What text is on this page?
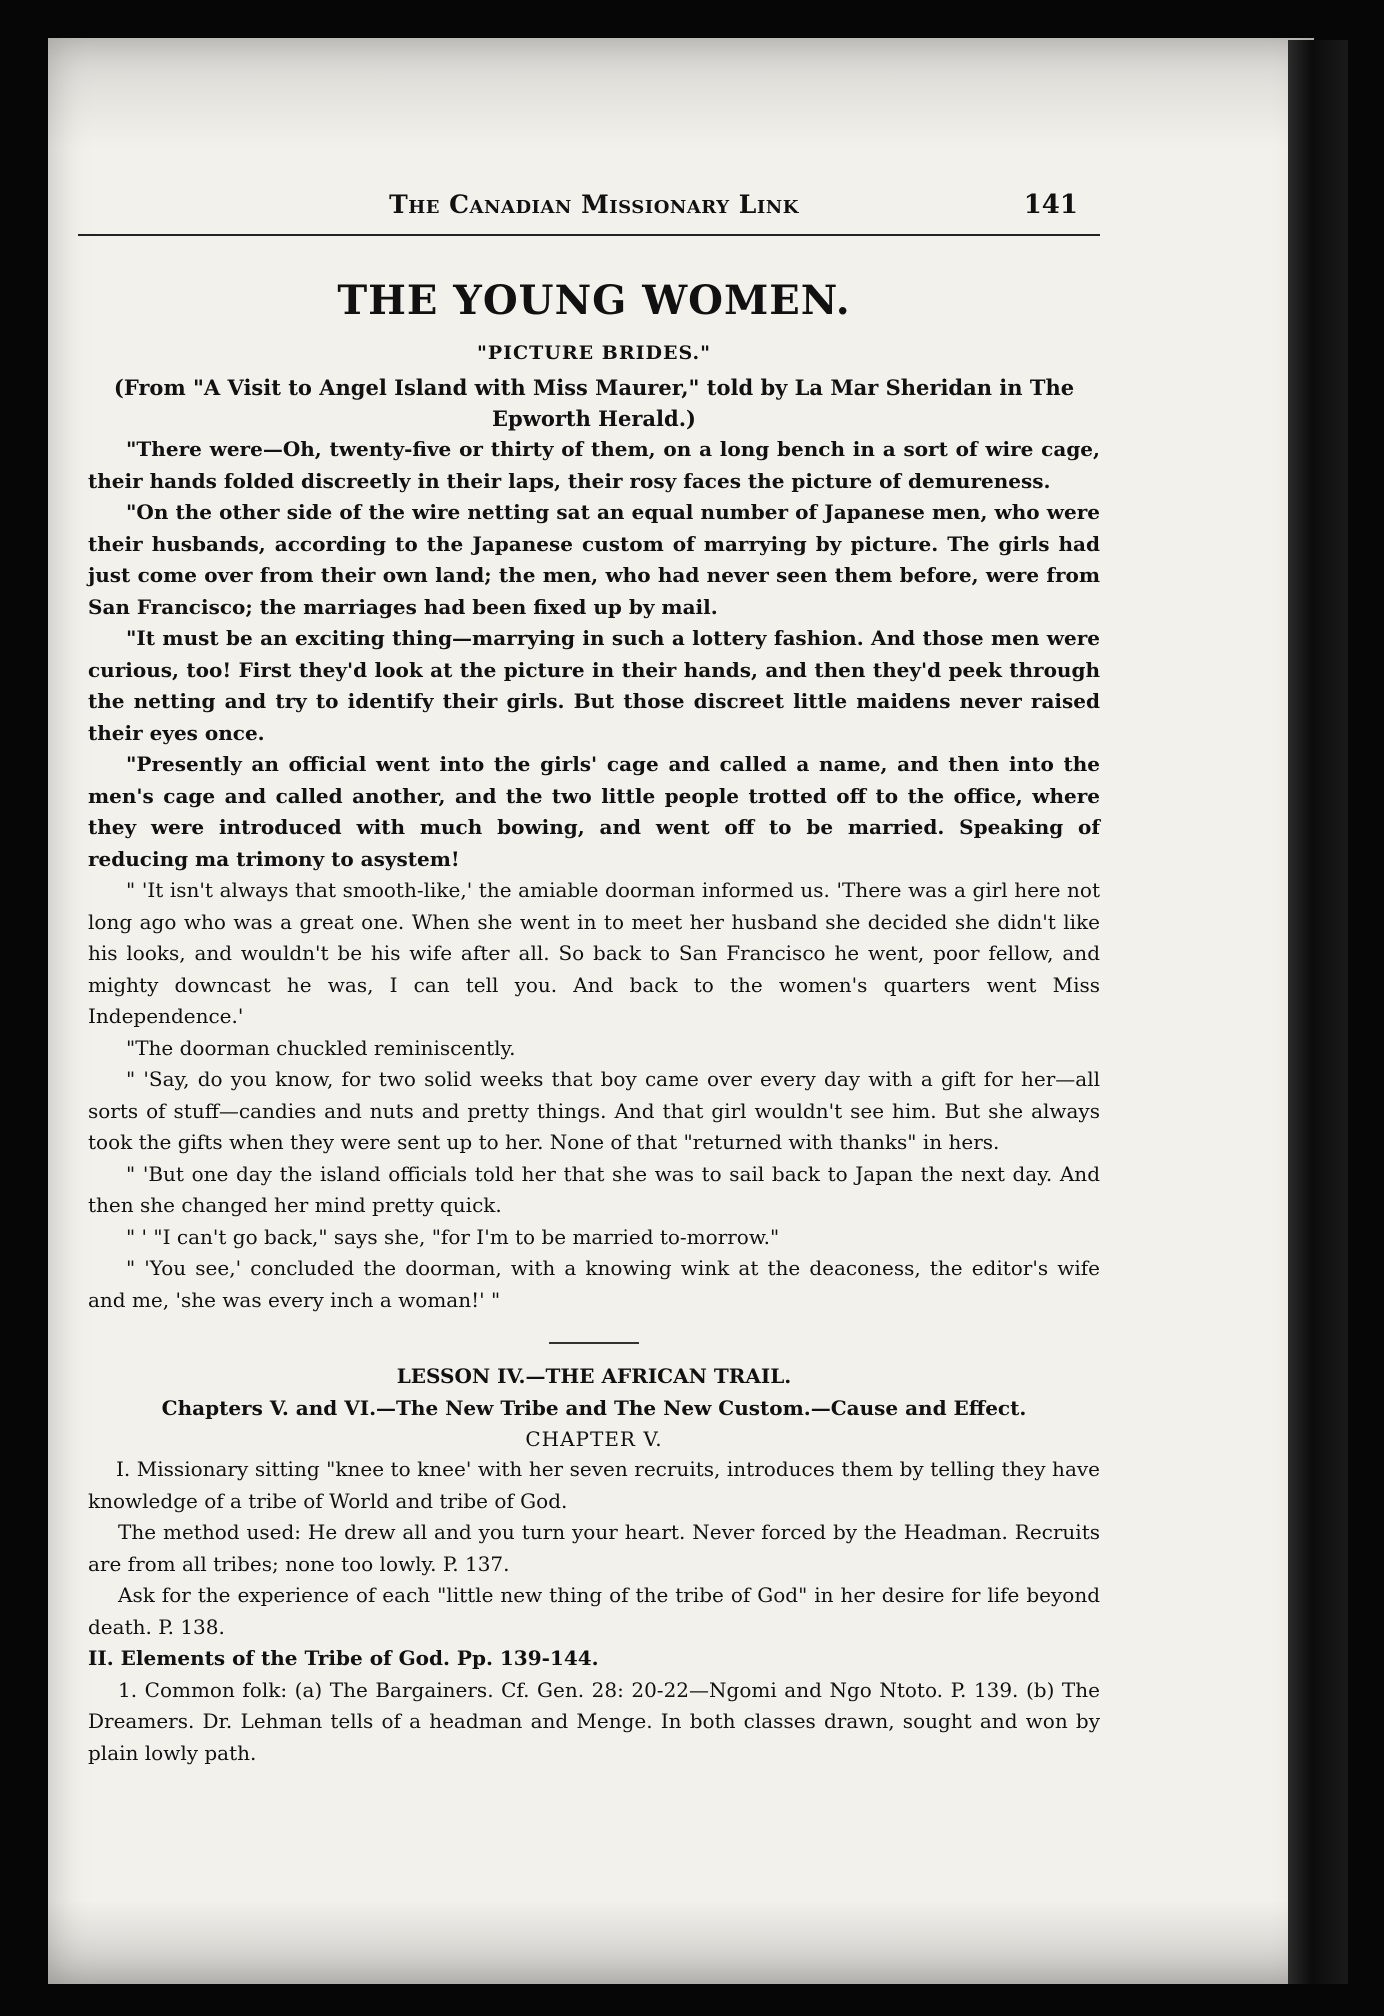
The Canadian Missionary Link	141
THE YOUNG WOMEN.
"PICTURE BRIDES."
(From "A Visit to Angel Island with Miss Maurer," told by La Mar Sheridan in The Epworth Herald.)

"There were—Oh, twenty-five or thirty of them, on a long bench in a sort of wire cage, their hands folded discreetly in their laps, their rosy faces the picture of demureness.

"On the other side of the wire netting sat an equal number of Japanese men, who were their husbands, according to the Japanese custom of marrying by picture. The girls had just come over from their own land; the men, who had never seen them before, were from San Francisco; the marriages had been fixed up by mail.

"It must be an exciting thing—marrying in such a lottery fashion. And those men were curious, too! First they'd look at the picture in their hands, and then they'd peek through the netting and try to identify their girls. But those discreet little maidens never raised their eyes once.

"Presently an official went into the girls' cage and called a name, and then into the men's cage and called another, and the two little people trotted off to the office, where they were introduced with much bowing, and went off to be married. Speaking of reducing ma trimony to asystem!

" 'It isn't always that smooth-like,' the amiable doorman informed us. 'There was a girl here not long ago who was a great one. When she went in to meet her husband she decided she didn't like his looks, and wouldn't be his wife after all. So back to San Francisco he went, poor fellow, and mighty downcast he was, I can tell you. And back to the women's quarters went Miss Independence.'

"The doorman chuckled reminiscently.

" 'Say, do you know, for two solid weeks that boy came over every day with a gift for her—all sorts of stuff—candies and nuts and pretty things. And that girl wouldn't see him. But she always took the gifts when they were sent up to her. None of that "returned with thanks" in hers.

" 'But one day the island officials told her that she was to sail back to Japan the next day. And then she changed her mind pretty quick.

" ' "I can't go back," says she, "for I'm to be married to-morrow."

" 'You see,' concluded the doorman, with a knowing wink at the deaconess, the editor's wife and me, 'she was every inch a woman!' "

LESSON IV.—THE AFRICAN TRAIL.
Chapters V. and VI.—The New Tribe and The New Custom.—Cause and Effect.
CHAPTER V.

I. Missionary sitting "knee to knee' with her seven recruits, introduces them by telling they have knowledge of a tribe of World and tribe of God.

The method used: He drew all and you turn your heart. Never forced by the Headman. Recruits are from all tribes; none too lowly. P. 137.

Ask for the experience of each "little new thing of the tribe of God" in her desire for life beyond death. P. 138.

II. Elements of the Tribe of God. Pp. 139-144.

1. Common folk: (a) The Bargainers. Cf. Gen. 28: 20-22—Ngomi and Ngo Ntoto. P. 139. (b) The Dreamers. Dr. Lehman tells of a headman and Menge. In both classes drawn, sought and won by plain lowly path.
